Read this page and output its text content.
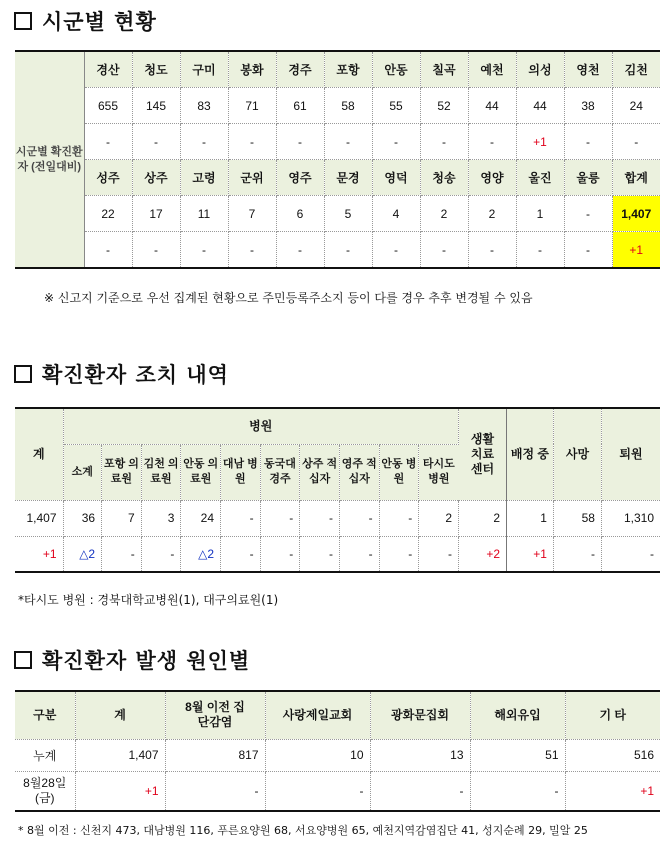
시군별 현황
시군별 확진환자 (전일대비)	경산	청도	구미	봉화	경주	포항	안동	칠곡	예천	의성	영천	김천
	655	145	83	71	61	58	55	52	44	44	38	24
	-	-	-	-	-	-	-	-	-	+1	-	-
	성주	상주	고령	군위	영주	문경	영덕	청송	영양	울진	울릉	합계
	22	17	11	7	6	5	4	2	2	1	-	1,407
	-	-	-	-	-	-	-	-	-	-	-	+1
※ 신고지 기준으로 우선 집계된 현황으로 주민등록주소지 등이 다를 경우 추후 변경될 수 있음
확진환자 조치 내역
계	병원										생활 치료 센터	배정 중	사망	퇴원
	소계	포항 의료원	김천 의료원	안동 의료원	대남 병원	동국대 경주	상주 적십자	영주 적십자	안동 병원	타시도 병원				
1,407	36	7	3	24	-	-	-	-	-	2	2	1	58	1,310
+1	△2	-	-	△2	-	-	-	-	-	-	+2	+1	-	-
*타시도 병원 : 경북대학교병원(1), 대구의료원(1)
확진환자 발생 원인별
구분	계	8월 이전 집단감염	사랑제일교회	광화문집회	해외유입	기 타
누계	1,407	817	10	13	51	516
8월28일 (금)	+1	-	-	-	-	+1
* 8월 이전 : 신천지 473, 대남병원 116, 푸른요양원 68, 서요양병원 65, 예천지역감염집단 41, 성지순례 29, 밀알 25
